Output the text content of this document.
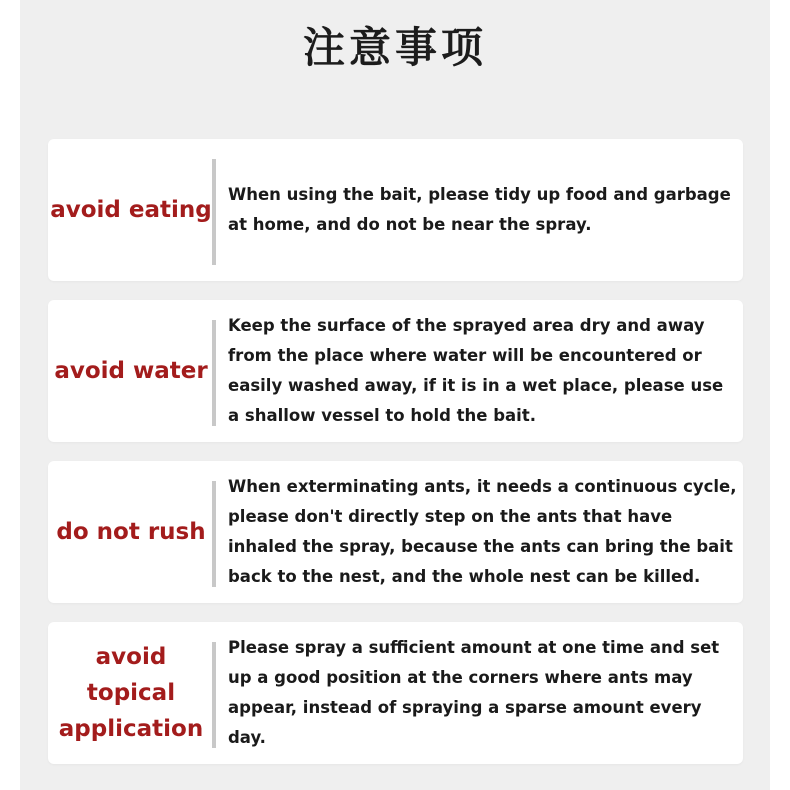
注意事项
avoid eating
When using the bait, please tidy up food and garbage at home, and do not be near the spray.
avoid water
Keep the surface of the sprayed area dry and away from the place where water will be encountered or easily washed away, if it is in a wet place, please use a shallow vessel to hold the bait.
do not rush
When exterminating ants, it needs a continuous cycle, please don't directly step on the ants that have inhaled the spray, because the ants can bring the bait back to the nest, and the whole nest can be killed.
avoid topical
application
Please spray a sufficient amount at one time and set up a good position at the corners where ants may appear, instead of spraying a sparse amount every day.
